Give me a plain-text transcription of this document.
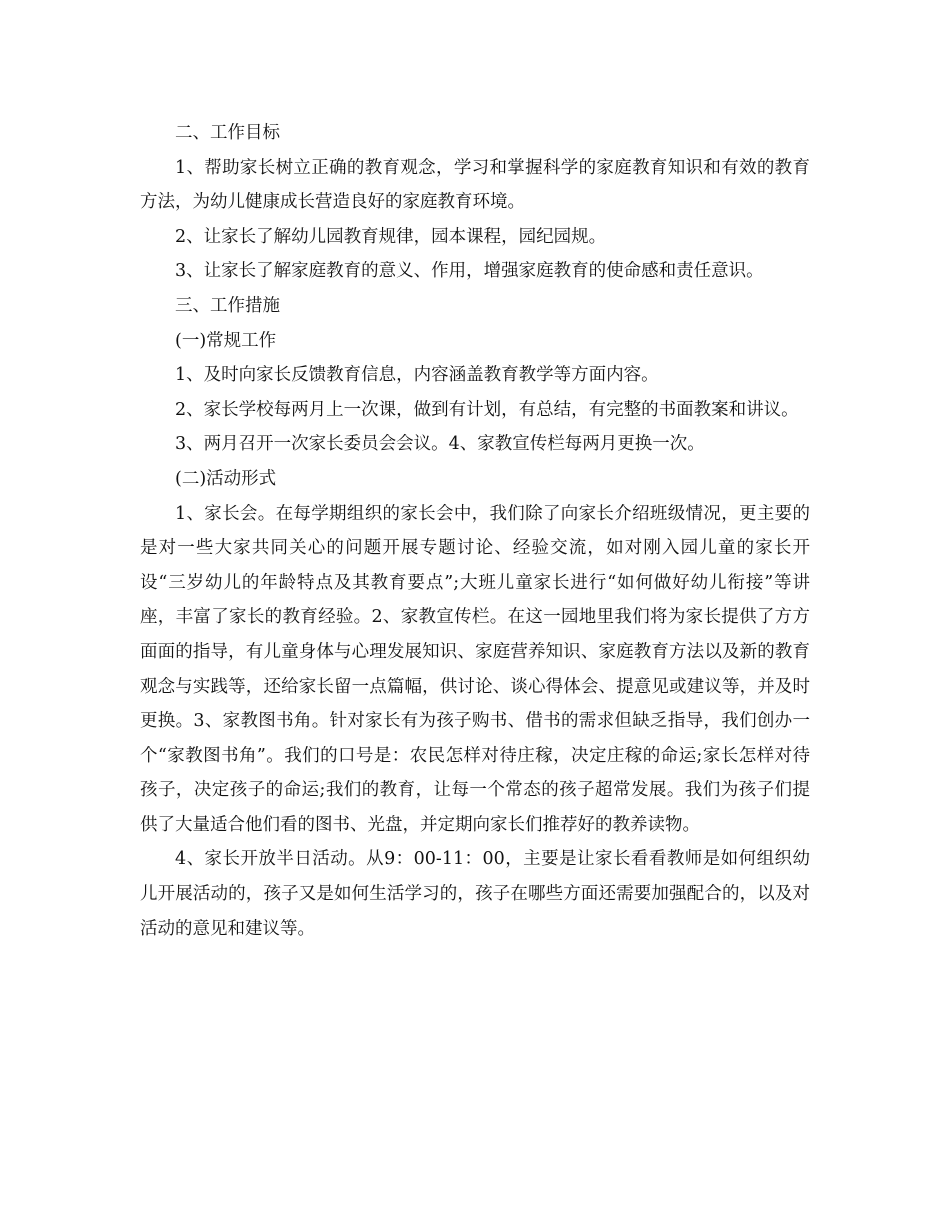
二、工作目标

1、帮助家长树立正确的教育观念，学习和掌握科学的家庭教育知识和有效的教育方法，为幼儿健康成长营造良好的家庭教育环境。

2、让家长了解幼儿园教育规律，园本课程，园纪园规。

3、让家长了解家庭教育的意义、作用，增强家庭教育的使命感和责任意识。

三、工作措施

(一)常规工作

1、及时向家长反馈教育信息，内容涵盖教育教学等方面内容。

2、家长学校每两月上一次课，做到有计划，有总结，有完整的书面教案和讲议。

3、两月召开一次家长委员会会议。4、家教宣传栏每两月更换一次。

(二)活动形式

1、家长会。在每学期组织的家长会中，我们除了向家长介绍班级情况，更主要的是对一些大家共同关心的问题开展专题讨论、经验交流，如对刚入园儿童的家长开设“三岁幼儿的年龄特点及其教育要点”;大班儿童家长进行“如何做好幼儿衔接”等讲座，丰富了家长的教育经验。2、家教宣传栏。在这一园地里我们将为家长提供了方方面面的指导，有儿童身体与心理发展知识、家庭营养知识、家庭教育方法以及新的教育观念与实践等，还给家长留一点篇幅，供讨论、谈心得体会、提意见或建议等，并及时更换。3、家教图书角。针对家长有为孩子购书、借书的需求但缺乏指导，我们创办一个“家教图书角”。我们的口号是：农民怎样对待庄稼，决定庄稼的命运;家长怎样对待孩子，决定孩子的命运;我们的教育，让每一个常态的孩子超常发展。我们为孩子们提供了大量适合他们看的图书、光盘，并定期向家长们推荐好的教养读物。

4、家长开放半日活动。从9：00-11：00，主要是让家长看看教师是如何组织幼儿开展活动的，孩子又是如何生活学习的，孩子在哪些方面还需要加强配合的，以及对活动的意见和建议等。
